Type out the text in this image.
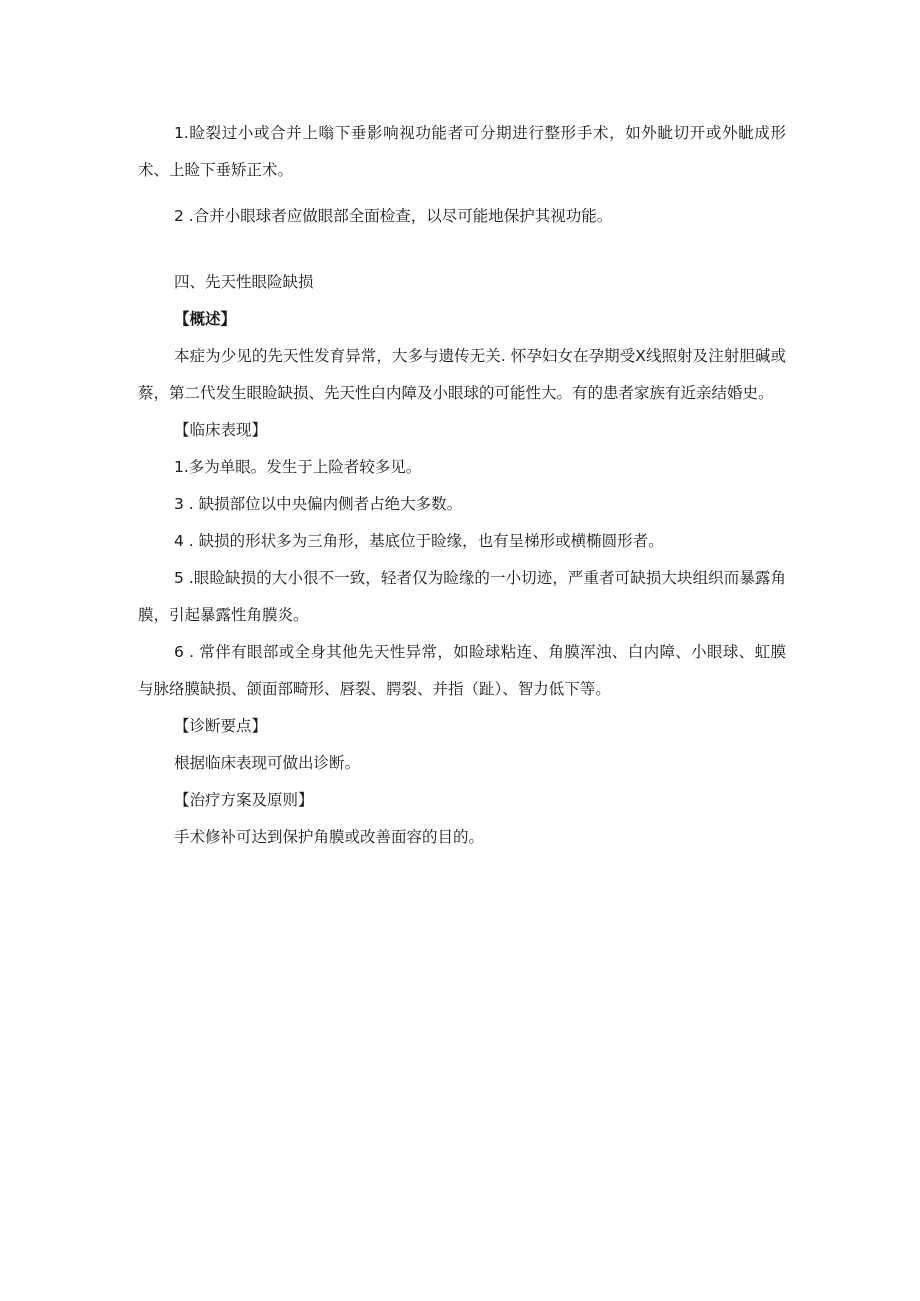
1.睑裂过小或合并上嗡下垂影响视功能者可分期进行整形手术，如外眦切开或外眦成形术、上睑下垂矫正术。

2 .合并小眼球者应做眼部全面检查，以尽可能地保护其视功能。

四、先天性眼险缺损

【概述】

本症为少见的先天性发育异常，大多与遗传无关. 怀孕妇女在孕期受X线照射及注射胆碱或蔡，第二代发生眼睑缺损、先天性白内障及小眼球的可能性大。有的患者家族有近亲结婚史。

【临床表现】

1.多为单眼。发生于上险者较多见。

3 . 缺损部位以中央偏内侧者占绝大多数。

4 . 缺损的形状多为三角形，基底位于睑缘，也有呈梯形或横椭圆形者。

5 .眼睑缺损的大小很不一致，轻者仅为睑缘的一小切迹，严重者可缺损大块组织而暴露角膜，引起暴露性角膜炎。

6 . 常伴有眼部或全身其他先天性异常，如睑球粘连、角膜浑浊、白内障、小眼球、虹膜与脉络膜缺损、颌面部畸形、唇裂、腭裂、并指（趾）、智力低下等。

【诊断要点】

根据临床表现可做出诊断。

【治疗方案及原则】

手术修补可达到保护角膜或改善面容的目的。
